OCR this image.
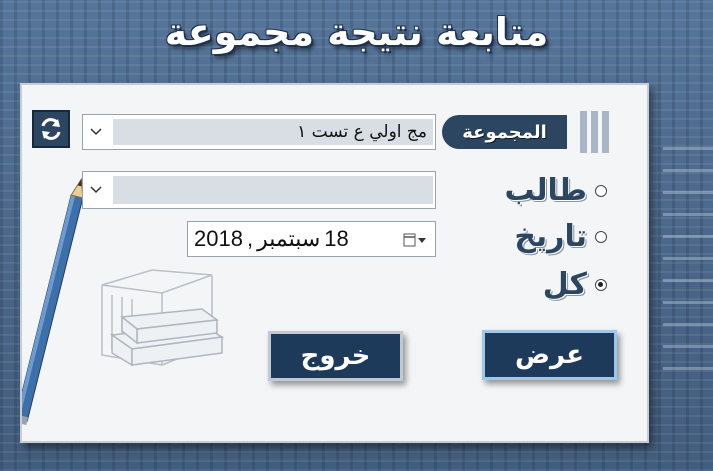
متابعة نتيجة مجموعة
مج اولي ع تست ١	المجموعة
18
سبتمبر
,
2018
طالب
تاريخ
كل
عرض
خروج
